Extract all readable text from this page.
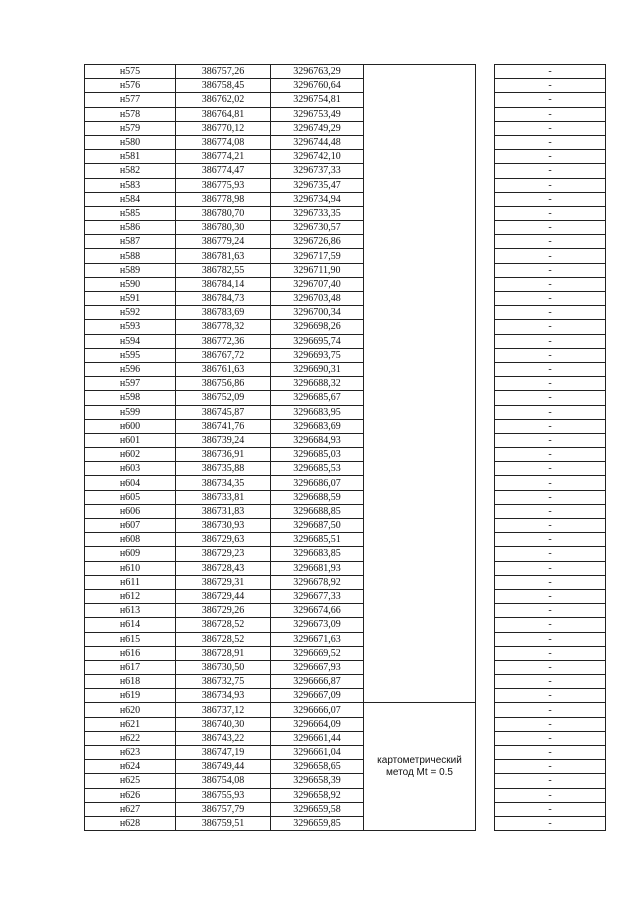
н575	386757,26	3296763,29			-
н576	386758,45	3296760,64			-
н577	386762,02	3296754,81			-
н578	386764,81	3296753,49			-
н579	386770,12	3296749,29			-
н580	386774,08	3296744,48			-
н581	386774,21	3296742,10			-
н582	386774,47	3296737,33			-
н583	386775,93	3296735,47			-
н584	386778,98	3296734,94			-
н585	386780,70	3296733,35			-
н586	386780,30	3296730,57			-
н587	386779,24	3296726,86			-
н588	386781,63	3296717,59			-
н589	386782,55	3296711,90			-
н590	386784,14	3296707,40			-
н591	386784,73	3296703,48			-
н592	386783,69	3296700,34			-
н593	386778,32	3296698,26			-
н594	386772,36	3296695,74			-
н595	386767,72	3296693,75			-
н596	386761,63	3296690,31			-
н597	386756,86	3296688,32			-
н598	386752,09	3296685,67			-
н599	386745,87	3296683,95			-
н600	386741,76	3296683,69			-
н601	386739,24	3296684,93			-
н602	386736,91	3296685,03			-
н603	386735,88	3296685,53			-
н604	386734,35	3296686,07			-
н605	386733,81	3296688,59			-
н606	386731,83	3296688,85			-
н607	386730,93	3296687,50			-
н608	386729,63	3296685,51			-
н609	386729,23	3296683,85			-
н610	386728,43	3296681,93			-
н611	386729,31	3296678,92			-
н612	386729,44	3296677,33			-
н613	386729,26	3296674,66			-
н614	386728,52	3296673,09			-
н615	386728,52	3296671,63			-
н616	386728,91	3296669,52			-
н617	386730,50	3296667,93			-
н618	386732,75	3296666,87			-
н619	386734,93	3296667,09			-
н620	386737,12	3296666,07	картометрический метод Mt = 0.5		-
н621	386740,30	3296664,09			-
н622	386743,22	3296661,44			-
н623	386747,19	3296661,04			-
н624	386749,44	3296658,65			-
н625	386754,08	3296658,39			-
н626	386755,93	3296658,92			-
н627	386757,79	3296659,58			-
н628	386759,51	3296659,85			-
